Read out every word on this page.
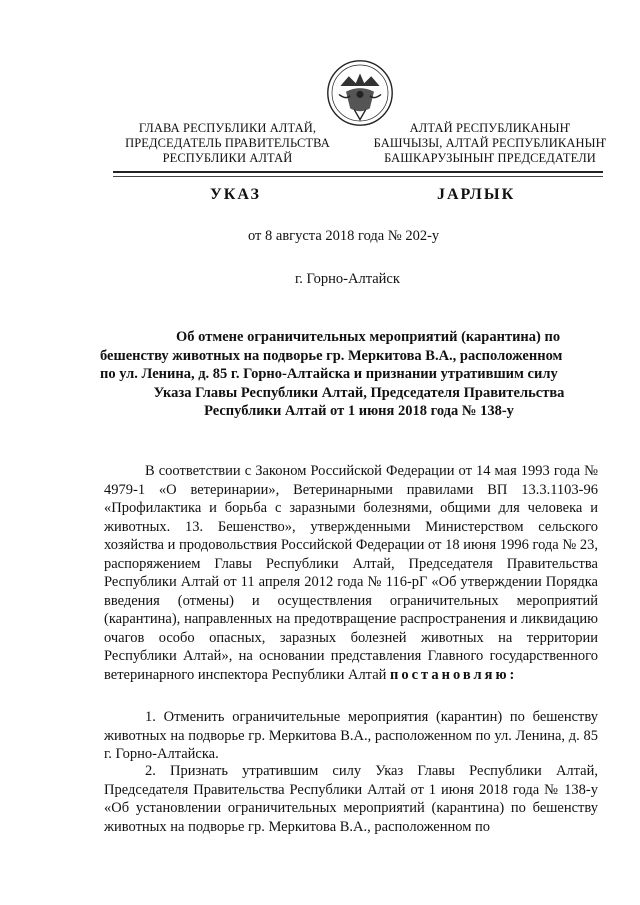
ГЛАВА РЕСПУБЛИКИ АЛТАЙ,
ПРЕДСЕДАТЕЛЬ ПРАВИТЕЛЬСТВА
РЕСПУБЛИКИ АЛТАЙ
АЛТАЙ РЕСПУБЛИКАНЫҤ
БАШЧЫЗЫ, АЛТАЙ РЕСПУБЛИКАНЫҤ
БАШКАРУЗЫНЫҤ ПРЕДСЕДАТЕЛИ
УКАЗ	JАРЛЫК
от 8 августа 2018 года № 202-у
г. Горно-Алтайск
Об отмене ограничительных мероприятий (карантина) по
бешенству животных на подворье гр. Меркитова В.А., расположенном
по ул. Ленина, д. 85 г. Горно-Алтайска и признании утратившим силу
Указа Главы Республики Алтай, Председателя Правительства
Республики Алтай от 1 июня 2018 года № 138-у

В соответствии с Законом Российской Федерации от 14 мая 1993 года № 4979-1 «О ветеринарии», Ветеринарными правилами ВП 13.3.1103-96 «Профилактика и борьба с заразными болезнями, общими для человека и животных. 13. Бешенство», утвержденными Министерством сельского хозяйства и продовольствия Российской Федерации от 18 июня 1996 года № 23, распоряжением Главы Республики Алтай, Председателя Правительства Республики Алтай от 11 апреля 2012 года № 116-рГ «Об утверждении Порядка введения (отмены) и осуществления ограничительных мероприятий (карантина), направленных на предотвращение распространения и ликвидацию очагов особо опасных, заразных болезней животных на территории Республики Алтай», на основании представления Главного государственного ветеринарного инспектора Республики Алтай постановляю:

1. Отменить ограничительные мероприятия (карантин) по бешенству животных на подворье гр. Меркитова В.А., расположенном по ул. Ленина, д. 85 г. Горно-Алтайска.

2. Признать утратившим силу Указ Главы Республики Алтай, Председателя Правительства Республики Алтай от 1 июня 2018 года № 138-у «Об установлении ограничительных мероприятий (карантина) по бешенству животных на подворье гр. Меркитова В.А., расположенном по
